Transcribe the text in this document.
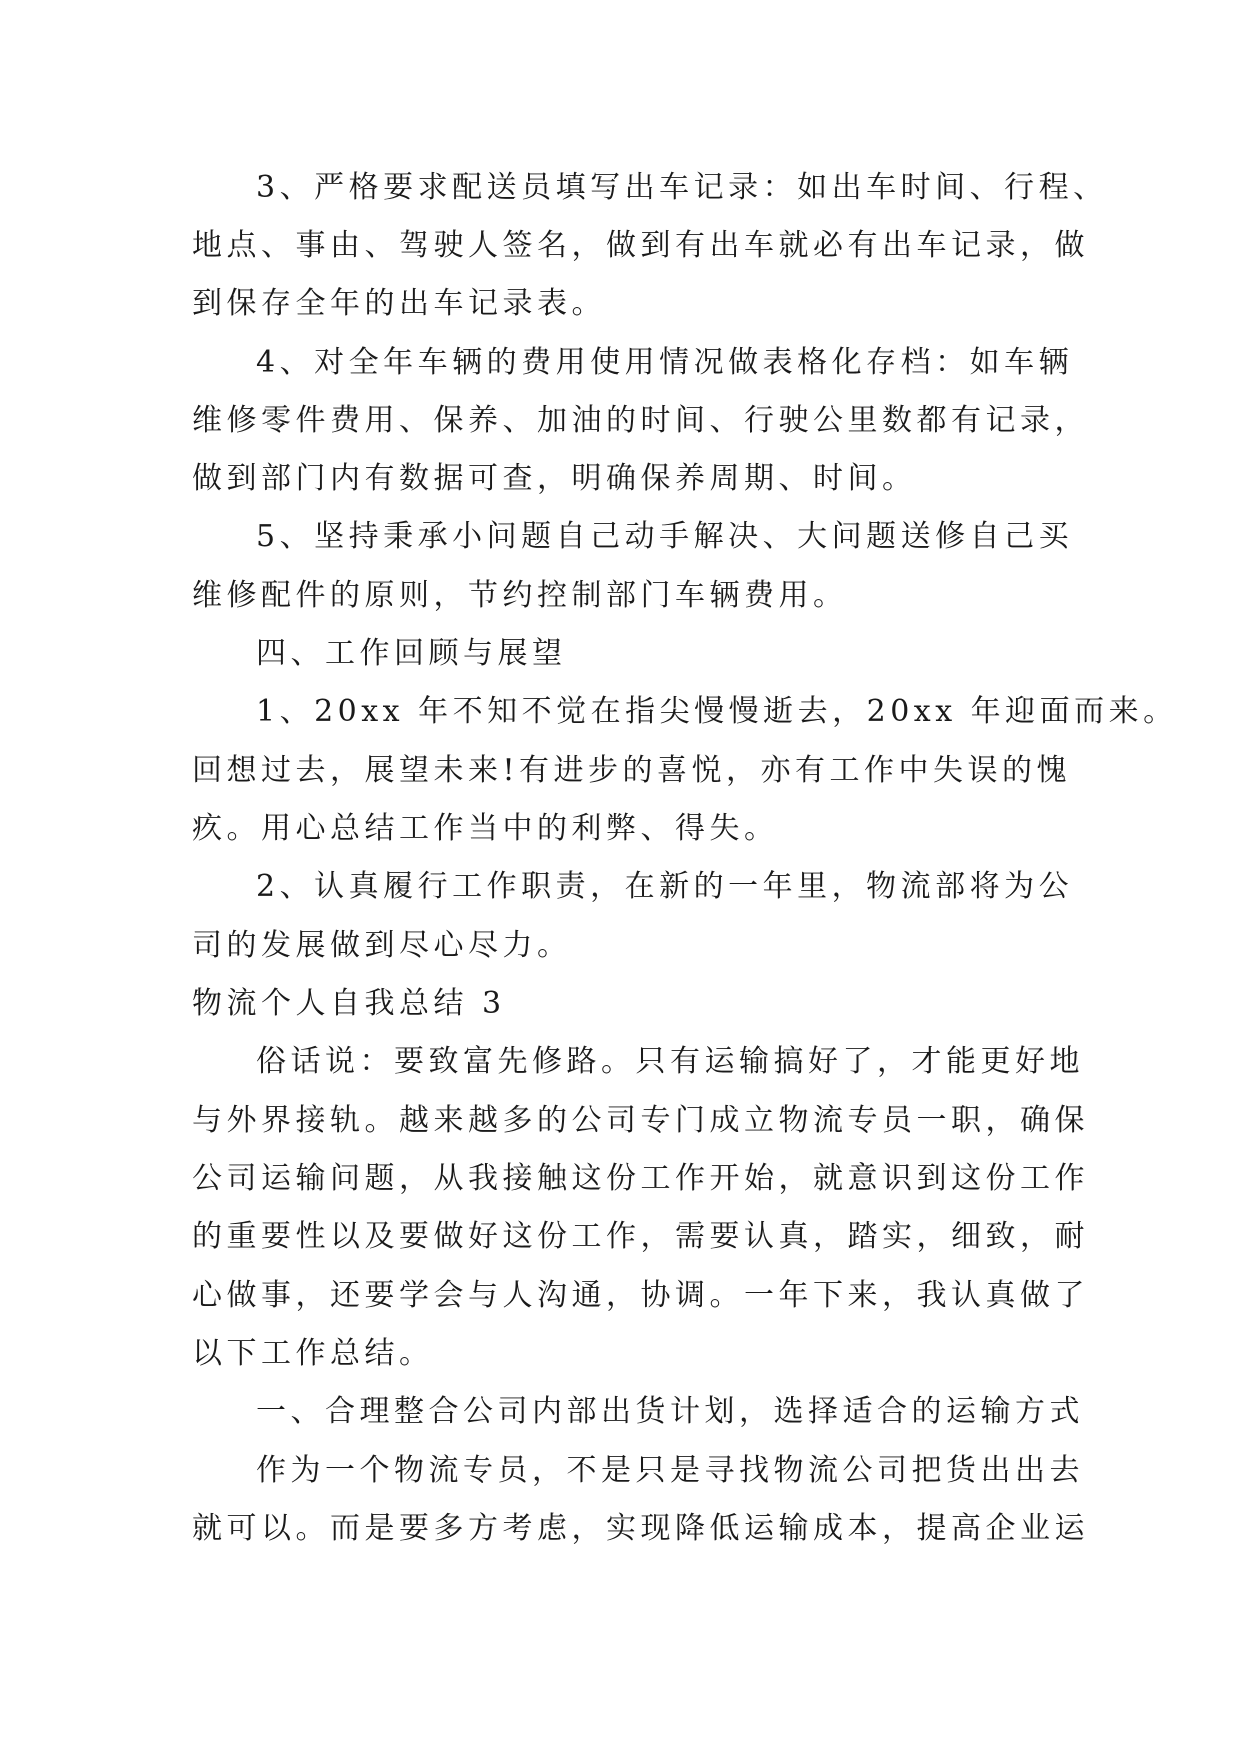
3、严格要求配送员填写出车记录：如出车时间、行程、
地点、事由、驾驶人签名，做到有出车就必有出车记录，做
到保存全年的出车记录表。
4、对全年车辆的费用使用情况做表格化存档：如车辆
维修零件费用、保养、加油的时间、行驶公里数都有记录，
做到部门内有数据可查，明确保养周期、时间。
5、坚持秉承小问题自己动手解决、大问题送修自己买
维修配件的原则，节约控制部门车辆费用。
四、工作回顾与展望
1、20xx 年不知不觉在指尖慢慢逝去，20xx 年迎面而来。
回想过去，展望未来!有进步的喜悦，亦有工作中失误的愧
疚。用心总结工作当中的利弊、得失。
2、认真履行工作职责，在新的一年里，物流部将为公
司的发展做到尽心尽力。
物流个人自我总结 3
俗话说：要致富先修路。只有运输搞好了，才能更好地
与外界接轨。越来越多的公司专门成立物流专员一职，确保
公司运输问题，从我接触这份工作开始，就意识到这份工作
的重要性以及要做好这份工作，需要认真，踏实，细致，耐
心做事，还要学会与人沟通，协调。一年下来，我认真做了
以下工作总结。
一、合理整合公司内部出货计划，选择适合的运输方式
作为一个物流专员，不是只是寻找物流公司把货出出去
就可以。而是要多方考虑，实现降低运输成本，提高企业运
